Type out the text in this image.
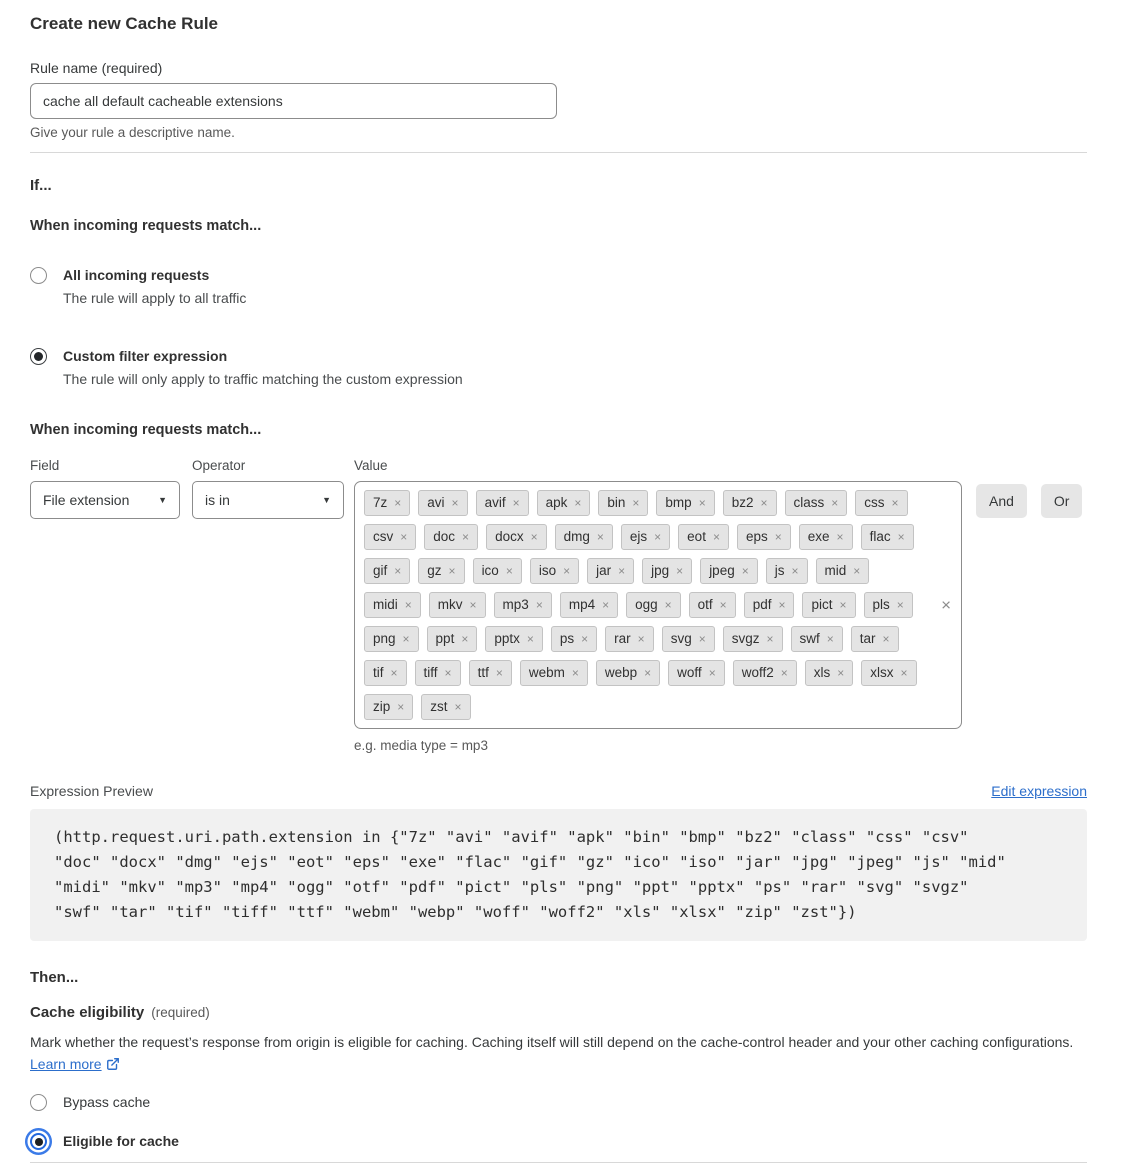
Create new Cache Rule
Rule name (required)
cache all default cacheable extensions
Give your rule a descriptive name.
If...
When incoming requests match...
All incoming requests
The rule will apply to all traffic
Custom filter expression
The rule will only apply to traffic matching the custom expression
When incoming requests match...
Field
File extension	▼
Operator
is in	▼
Value
7z × avi × avif × apk × bin × bmp × bz2 × class × css ×
csv × doc × docx × dmg × ejs × eot × eps × exe × flac ×
gif × gz × ico × iso × jar × jpg × jpeg × js × mid ×
midi × mkv × mp3 × mp4 × ogg × otf × pdf × pict × pls ×
png × ppt × pptx × ps × rar × svg × svgz × swf × tar ×
tif × tiff × ttf × webm × webp × woff × woff2 × xls × xlsx ×
zip × zst ×
×
e.g. media type = mp3
And	Or
Expression Preview	Edit expression
(http.request.uri.path.extension in {"7z" "avi" "avif" "apk" "bin" "bmp" "bz2" "class" "css" "csv"
"doc" "docx" "dmg" "ejs" "eot" "eps" "exe" "flac" "gif" "gz" "ico" "iso" "jar" "jpg" "jpeg" "js" "mid"
"midi" "mkv" "mp3" "mp4" "ogg" "otf" "pdf" "pict" "pls" "png" "ppt" "pptx" "ps" "rar" "svg" "svgz"
"swf" "tar" "tif" "tiff" "ttf" "webm" "webp" "woff" "woff2" "xls" "xlsx" "zip" "zst"})
Then...
Cache eligibility (required)
Mark whether the request’s response from origin is eligible for caching. Caching itself will still depend on the cache-control header and your other caching configurations. Learn more
Bypass cache
Eligible for cache
